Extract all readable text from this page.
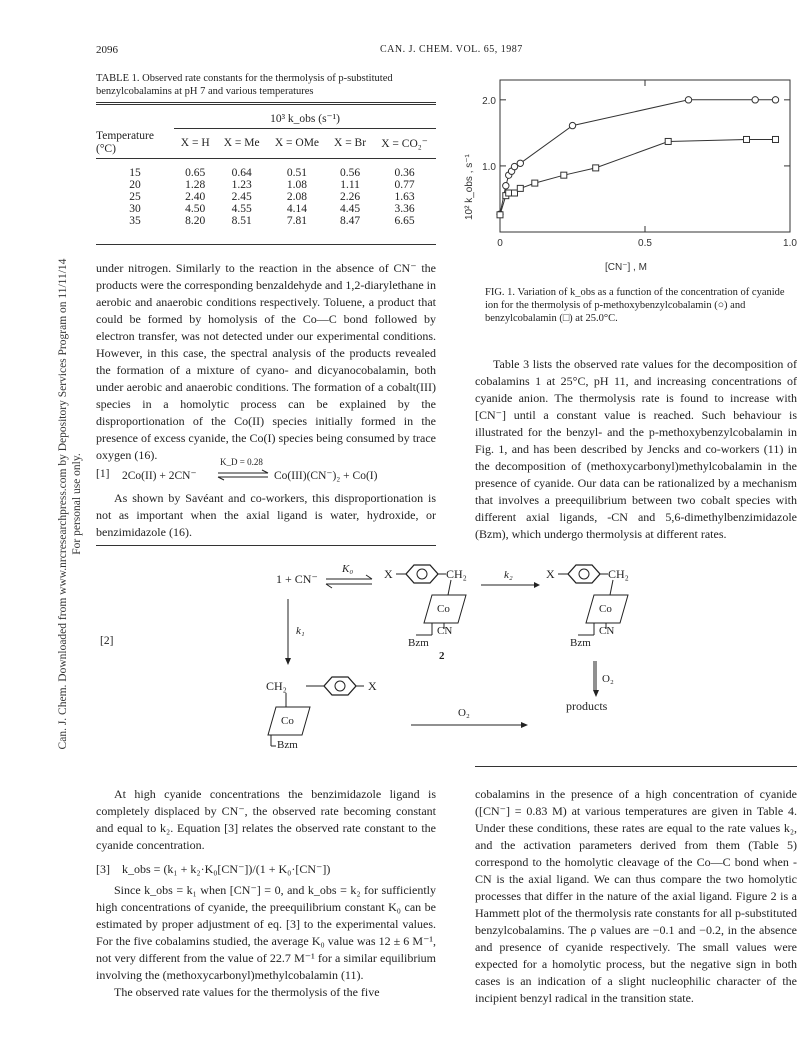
2096	CAN. J. CHEM. VOL. 65, 1987
Can. J. Chem. Downloaded from www.nrcresearchpress.com by Depository Services Program on 11/11/14 For personal use only.
TABLE 1. Observed rate constants for the thermolysis of p-substituted benzylcobalamins at pH 7 and various temperatures
	10³ k_obs (s⁻¹)				
Temperature (°C)	X = H	X = Me	X = OMe	X = Br	X = CO₂⁻

15	0.65	0.64	0.51	0.56	0.36
20	1.28	1.23	1.08	1.11	0.77
25	2.40	2.45	2.08	2.26	1.63
30	4.50	4.55	4.14	4.45	3.36
35	8.20	8.51	7.81	8.47	6.65

under nitrogen. Similarly to the reaction in the absence of CN⁻ the products were the corresponding benzaldehyde and 1,2-diarylethane in aerobic and anaerobic conditions respectively. Toluene, a product that could be formed by homolysis of the Co—C bond followed by electron transfer, was not detected under our experimental conditions. However, in this case, the spectral analysis of the products revealed the formation of a mixture of cyano- and dicyanocobalamin, both under aerobic and anaerobic conditions. The formation of a cobalt(III) species in a homolytic process can be explained by the disproportionation of the Co(II) species initially formed in the presence of excess cyanide, the Co(I) species being consumed by trace oxygen (16).

[1] 2Co(II) + 2CN⁻
K_D = 0.28
Co(III)(CN⁻)₂ + Co(I)

As shown by Savéant and co-workers, this disproportionation is not as important when the axial ligand is water, hydroxide, or benzimidazole (16).

1.0
2.0
0	0.5	1.0
10² k_obs , s⁻¹
[CN⁻] , M
FIG. 1. Variation of k_obs as a function of the concentration of cyanide ion for the thermolysis of p-methoxybenzylcobalamin (○) and benzylcobalamin (□) at 25.0°C.

Table 3 lists the observed rate values for the decomposition of cobalamins 1 at 25°C, pH 11, and increasing concentrations of cyanide anion. The thermolysis rate is found to increase with [CN⁻] until a constant value is reached. Such behaviour is illustrated for the benzyl- and the p-methoxybenzylcobalamin in Fig. 1, and has been described by Jencks and co-workers (11) in the decomposition of (methoxycarbonyl)methylcobalamin in the presence of cyanide. Our data can be rationalized by a mechanism that involves a preequilibrium between two cobalt species with different axial ligands, -CN and 5,6-dimethylbenzimidazole (Bzm), which undergo thermolysis at different rates.

[2]
1 + CN⁻
K₀	X	CH₂
Co
CN
Bzm
2
k₂	X	CH₂
Co
CN
Bzm
k₁
O₂
products
CH₂	X
Co
Bzm
O₂

At high cyanide concentrations the benzimidazole ligand is completely displaced by CN⁻, the observed rate becoming constant and equal to k₂. Equation [3] relates the observed rate constant to the cyanide concentration.

[3] k_obs = (k₁ + k₂·K₀[CN⁻])/(1 + K₀·[CN⁻])

Since k_obs = k₁ when [CN⁻] = 0, and k_obs = k₂ for sufficiently high concentrations of cyanide, the preequilibrium constant K₀ can be estimated by proper adjustment of eq. [3] to the experimental values. For the five cobalamins studied, the average K₀ value was 12 ± 6 M⁻¹, not very different from the value of 22.7 M⁻¹ for a similar equilibrium involving the (methoxycarbonyl)methylcobalamin (11).

The observed rate values for the thermolysis of the five

cobalamins in the presence of a high concentration of cyanide ([CN⁻] = 0.83 M) at various temperatures are given in Table 4. Under these conditions, these rates are equal to the rate values k₂, and the activation parameters derived from them (Table 5) correspond to the homolytic cleavage of the Co—C bond when -CN is the axial ligand. We can thus compare the two homolytic processes that differ in the nature of the axial ligand. Figure 2 is a Hammett plot of the thermolysis rate constants for all p-substituted benzylcobalamins. The ρ values are −0.1 and −0.2, in the absence and presence of cyanide respectively. The small values were expected for a homolytic process, but the negative sign in both cases is an indication of a slight nucleophilic character of the incipient benzyl radical in the transition state.
